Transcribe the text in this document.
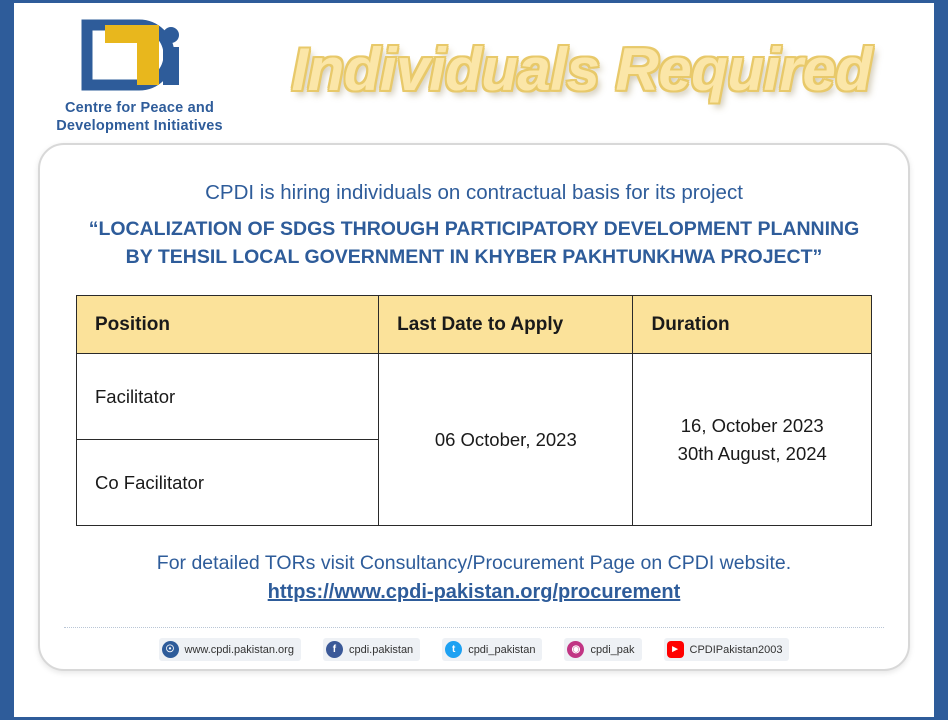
Centre for Peace and
Development Initiatives
Individuals Required
CPDI is hiring individuals on contractual basis for its project
“LOCALIZATION OF SDGS THROUGH PARTICIPATORY DEVELOPMENT PLANNING
BY TEHSIL LOCAL GOVERNMENT IN KHYBER PAKHTUNKHWA PROJECT”
Position	Last Date to Apply	Duration
Facilitator	06 October, 2023	16, October 2023
30th August, 2024

Co Facilitator		
For detailed TORs visit Consultancy/Procurement Page on CPDI website.
https://www.cpdi-pakistan.org/procurement
☉ www.cpdi.pakistan.org	f	cpdi.pakistan	t	cpdi_pakistan	◉ cpdi_pak	► CPDIPakistan2003
